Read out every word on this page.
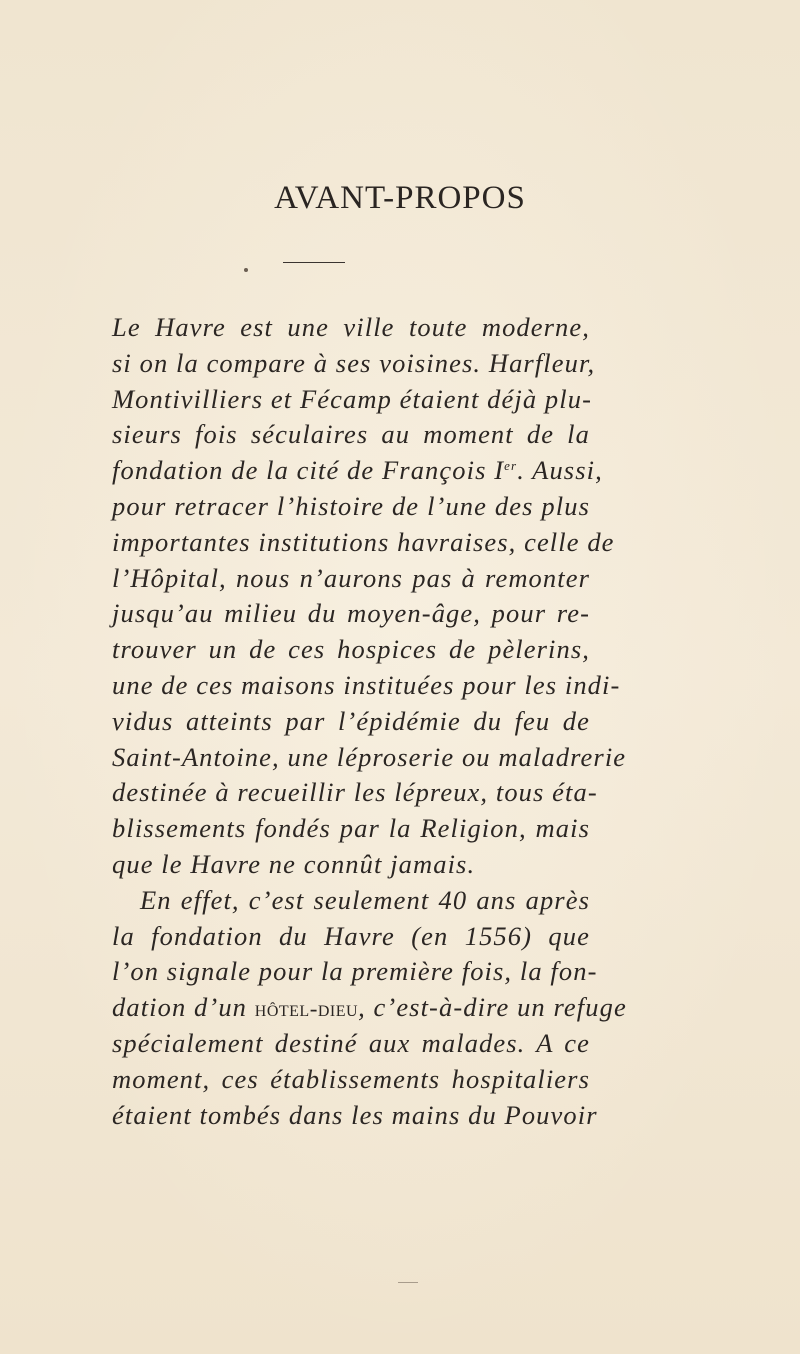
AVANT-PROPOS
Le Havre est une ville toute moderne,
si on la compare à ses voisines. Harfleur,
Montivilliers et Fécamp étaient déjà plu-
sieurs fois séculaires au moment de la
fondation de la cité de François Ier. Aussi,
pour retracer l’histoire de l’une des plus
importantes institutions havraises, celle de
l’Hôpital, nous n’aurons pas à remonter
jusqu’au milieu du moyen-âge, pour re-
trouver un de ces hospices de pèlerins,
une de ces maisons instituées pour les indi-
vidus atteints par l’épidémie du feu de
Saint-Antoine, une léproserie ou maladrerie
destinée à recueillir les lépreux, tous éta-
blissements fondés par la Religion, mais
que le Havre ne connût jamais.
En effet, c’est seulement 40 ans après
la fondation du Havre (en 1556) que
l’on signale pour la première fois, la fon-
dation d’un hôtel-dieu, c’est-à-dire un refuge
spécialement destiné aux malades. A ce
moment, ces établissements hospitaliers
étaient tombés dans les mains du Pouvoir
